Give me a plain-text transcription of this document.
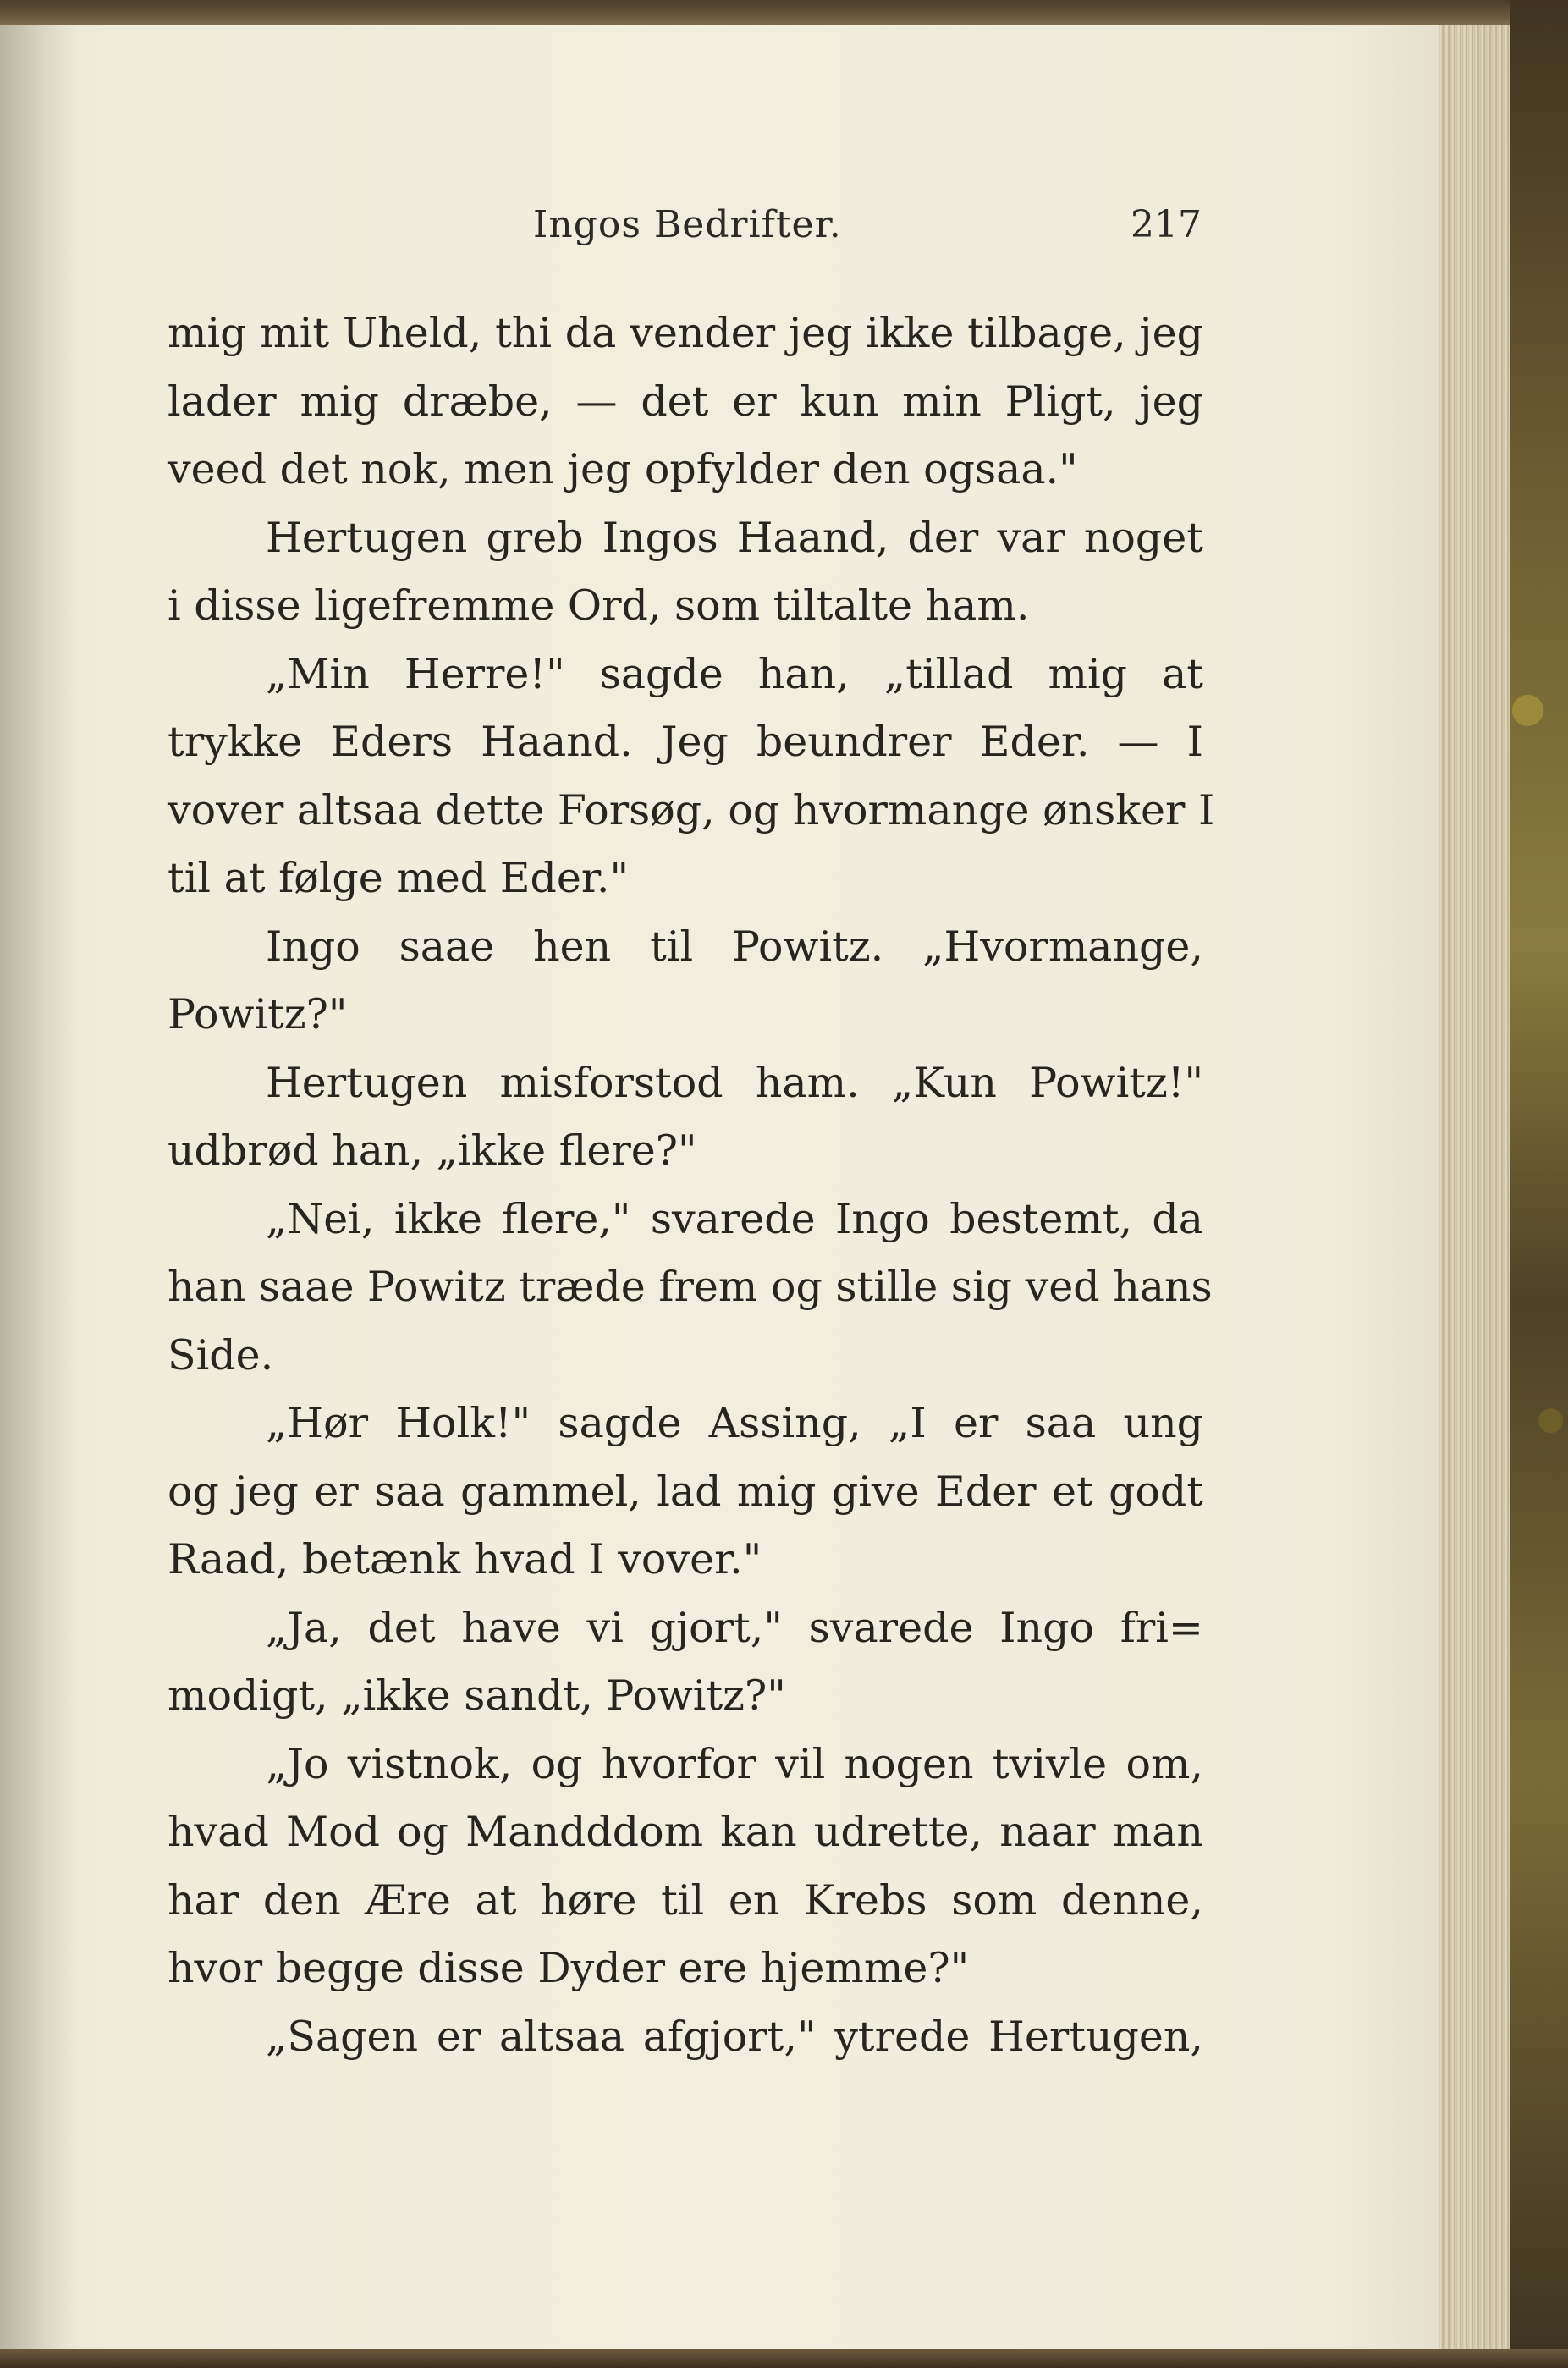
Ingos Bedrifter.	217
mig mit Uheld, thi da vender jeg ikke tilbage, jeg
lader mig dræbe, — det er kun min Pligt, jeg
veed det nok, men jeg opfylder den ogsaa."
Hertugen greb Ingos Haand, der var noget
i disse ligefremme Ord, som tiltalte ham.
„Min Herre!" sagde han, „tillad mig at
trykke Eders Haand. Jeg beundrer Eder. — I
vover altsaa dette Forsøg, og hvormange ønsker I
til at følge med Eder."
Ingo saae hen til Powitz. „Hvormange,
Powitz?"
Hertugen misforstod ham. „Kun Powitz!"
udbrød han, „ikke flere?"
„Nei, ikke flere," svarede Ingo bestemt, da
han saae Powitz træde frem og stille sig ved hans
Side.
„Hør Holk!" sagde Assing, „I er saa ung
og jeg er saa gammel, lad mig give Eder et godt
Raad, betænk hvad I vover."
„Ja, det have vi gjort," svarede Ingo fri=
modigt, „ikke sandt, Powitz?"
„Jo vistnok, og hvorfor vil nogen tvivle om,
hvad Mod og Mandddom kan udrette, naar man
har den Ære at høre til en Krebs som denne,
hvor begge disse Dyder ere hjemme?"
„Sagen er altsaa afgjort," ytrede Hertugen,
